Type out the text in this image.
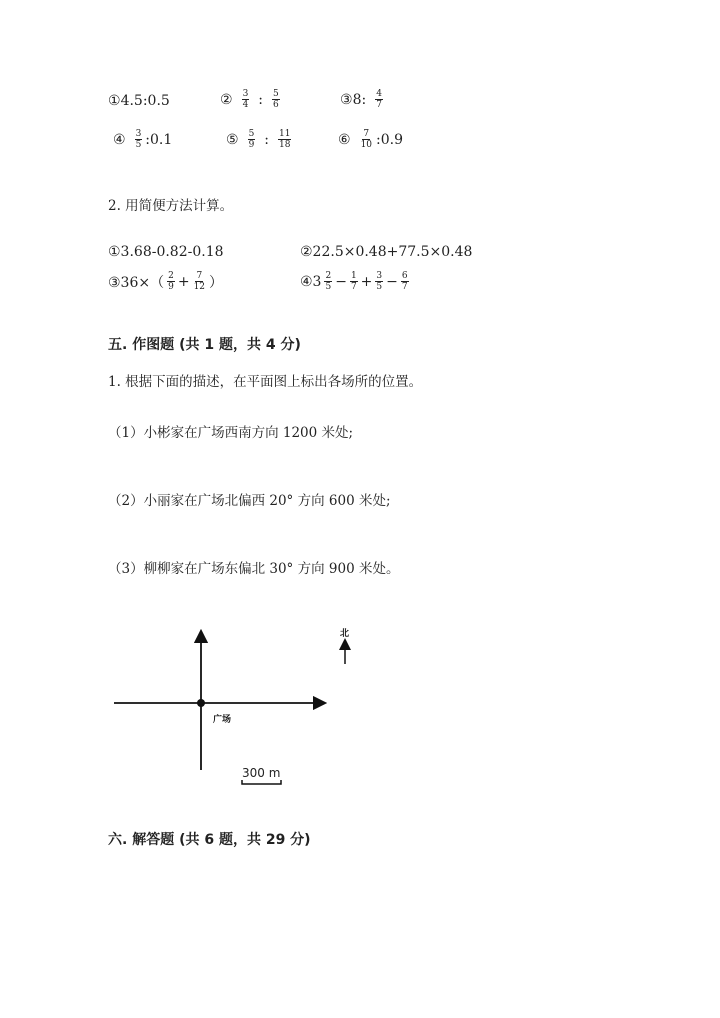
① 4.5:0.5	② $\frac{3}{4}$ : $\frac{5}{6}$	③ 8: $\frac{4}{7}$
④ $\frac{3}{5}$ :0.1	⑤ $\frac{5}{9}$ : $\frac{11}{18}$	⑥ $\frac{7}{10}$ :0.9
2. 用简便方法计算。
①3.68-0.82-0.18	②22.5×0.48+77.5×0.48
③36×（ $\frac{2}{9} + \frac{7}{12}$ ）	④3 $\frac{2}{5} - \frac{1}{7} + \frac{3}{5} - \frac{6}{7}$
五. 作图题 (共 1 题，共 4 分)
1. 根据下面的描述，在平面图上标出各场所的位置。
（1）小彬家在广场西南方向 1200 米处;
（2）小丽家在广场北偏西 20° 方向 600 米处;
（3）柳柳家在广场东偏北 30° 方向 900 米处。
广场
北
300 m
六. 解答题 (共 6 题，共 29 分)
